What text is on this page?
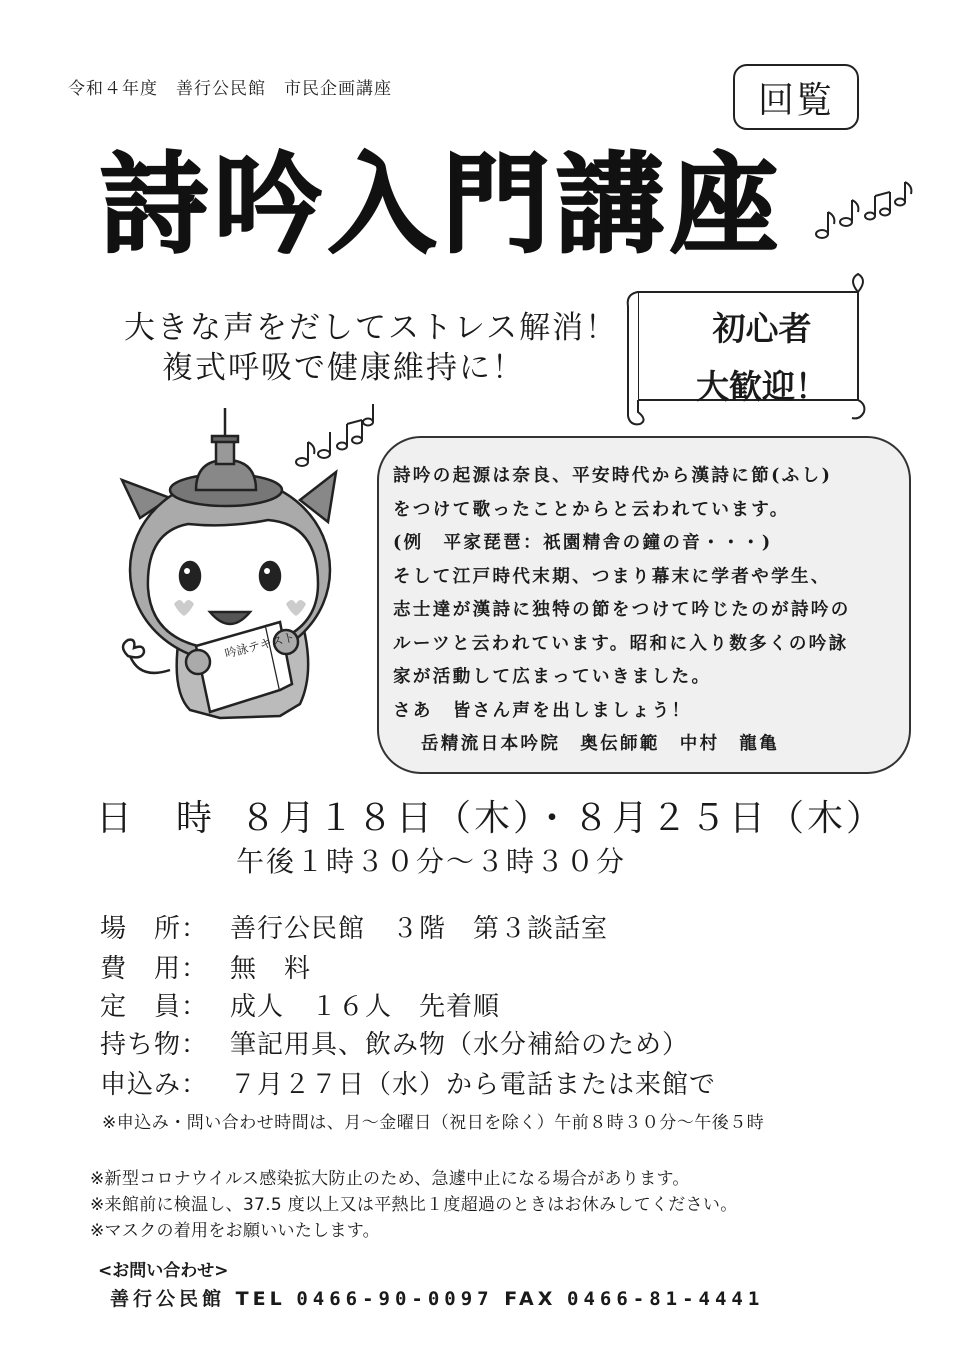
令和４年度　善行公民館　市民企画講座	回覧
詩吟入門講座
大きな声をだしてストレス解消！
複式呼吸で健康維持に！
初心者
大歓迎！
吟詠テキスト
詩吟の起源は奈良、平安時代から漢詩に節(ふし)
をつけて歌ったことからと云われています。
(例　平家琵琶：祇園精舎の鐘の音・・・)
そして江戸時代末期、つまり幕末に学者や学生、
志士達が漢詩に独特の節をつけて吟じたのが詩吟の
ルーツと云われています。昭和に入り数多くの吟詠
家が活動して広まっていきました。
さあ　皆さん声を出しましょう！
岳精流日本吟院　奥伝師範　中村　龍亀
日　時 ８月１８日（木）・８月２５日（木）
午後１時３０分～３時３０分
場　所： 善行公民館　３階　第３談話室
費　用： 無　料
定　員： 成人　１６人　先着順
持ち物： 筆記用具、飲み物（水分補給のため）
申込み： ７月２７日（水）から電話または来館で
※申込み・問い合わせ時間は、月～金曜日（祝日を除く）午前８時３０分～午後５時
※新型コロナウイルス感染拡大防止のため、急遽中止になる場合があります。
※来館前に検温し、37.5 度以上又は平熱比１度超過のときはお休みしてください。
※マスクの着用をお願いいたします。
<お問い合わせ>
善行公民館 TEL 0466-90-0097 FAX 0466-81-4441
